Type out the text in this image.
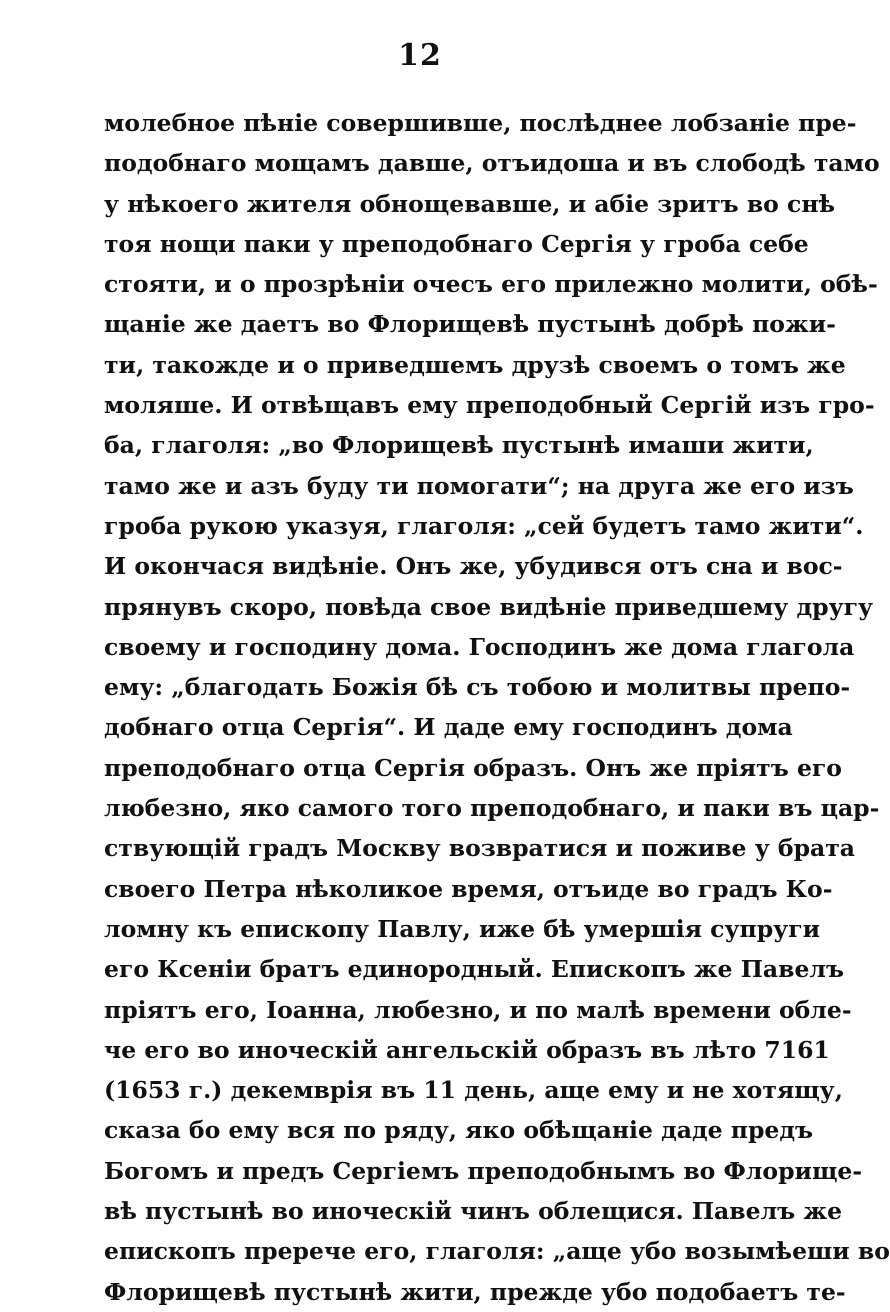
12
молебное пѣніе совершивше, послѣднее лобзаніе пре-
подобнаго мощамъ давше, отъидоша и въ слободѣ тамо
у нѣкоего жителя обнощевавше, и абіе зритъ во снѣ
тоя нощи паки у преподобнаго Сергія у гроба себе
стояти, и о прозрѣніи очесъ его прилежно молити, обѣ-
щаніе же даетъ во Флорищевѣ пустынѣ добрѣ пожи-
ти, такожде и о приведшемъ друзѣ своемъ о томъ же
моляше. И отвѣщавъ ему преподобный Сергій изъ гро-
ба, глаголя: „во Флорищевѣ пустынѣ имаши жити,
тамо же и азъ буду ти помогати“; на друга же его изъ
гроба рукою указуя, глаголя: „сей будетъ тамо жити“.
И окончася видѣніе. Онъ же, убудився отъ сна и вос-
прянувъ скоро, повѣда свое видѣніе приведшему другу
своему и господину дома. Господинъ же дома глагола
ему: „благодать Божія бѣ съ тобою и молитвы препо-
добнаго отца Сергія“. И даде ему господинъ дома
преподобнаго отца Сергія образъ. Онъ же пріятъ его
любезно, яко самого того преподобнаго, и паки въ цар-
ствующій градъ Москву возвратися и поживе у брата
своего Петра нѣколикое время, отъиде во градъ Ко-
ломну къ епископу Павлу, иже бѣ умершія супруги
его Ксеніи братъ единородный. Епископъ же Павелъ
пріятъ его, Іоанна, любезно, и по малѣ времени обле-
че его во иноческій ангельскій образъ въ лѣто 7161
(1653 г.) декемврія въ 11 день, аще ему и не хотящу,
сказа бо ему вся по ряду, яко обѣщаніе даде предъ
Богомъ и предъ Сергіемъ преподобнымъ во Флорище-
вѣ пустынѣ во иноческій чинъ облещися. Павелъ же
епископъ пререче его, глаголя: „аще убо возымѣеши во
Флорищевѣ пустынѣ жити, прежде убо подобаетъ те-
